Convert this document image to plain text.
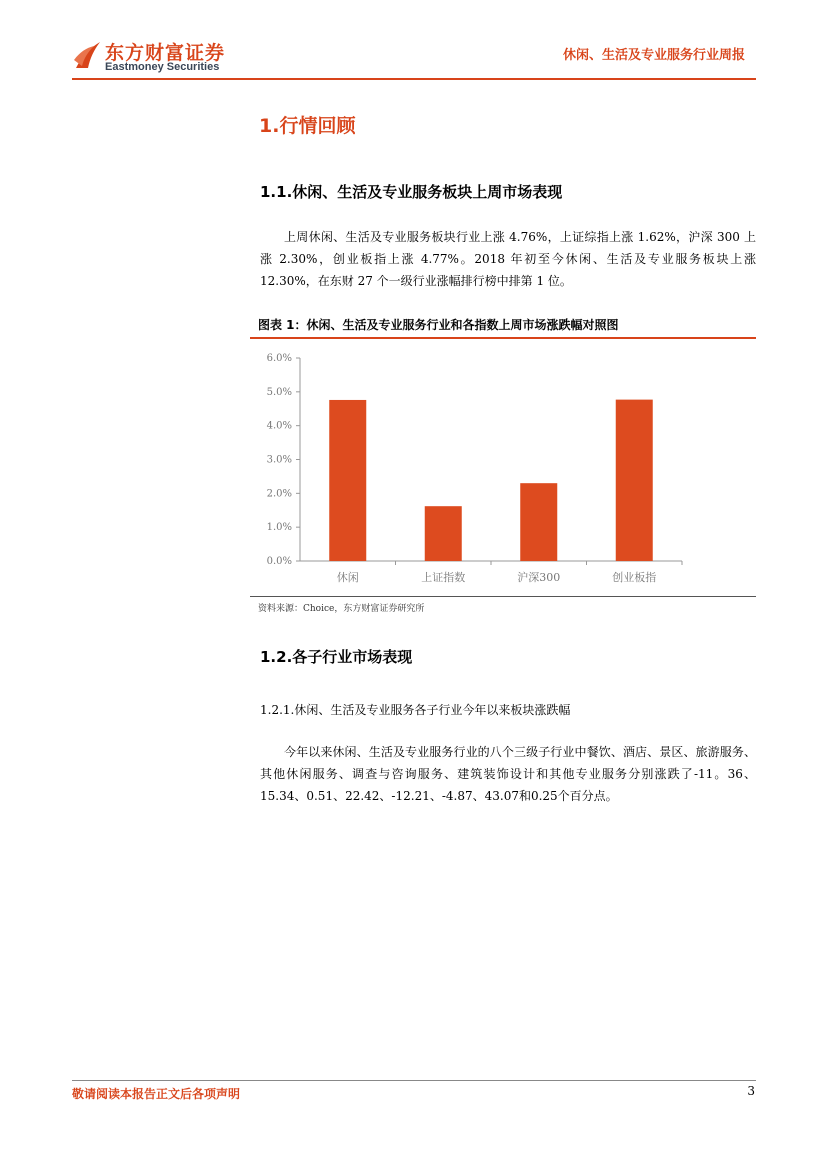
东方财富证券
Eastmoney Securities
休闲、生活及专业服务行业周报
1.行情回顾
1.1.休闲、生活及专业服务板块上周市场表现

上周休闲、生活及专业服务板块行业上涨 4.76%，上证综指上涨 1.62%，沪深 300 上涨 2.30%，创业板指上涨 4.77%。2018 年初至今休闲、生活及专业服务板块上涨 12.30%，在东财 27 个一级行业涨幅排行榜中排第 1 位。

图表 1：休闲、生活及专业服务行业和各指数上周市场涨跌幅对照图
0.0%
1.0%
2.0%
3.0%
4.0%
5.0%
6.0%
休闲	上证指数	沪深300	创业板指
资料来源：Choice，东方财富证券研究所
1.2.各子行业市场表现
1.2.1.休闲、生活及专业服务各子行业今年以来板块涨跌幅

今年以来休闲、生活及专业服务行业的八个三级子行业中餐饮、酒店、景区、旅游服务、其他休闲服务、调查与咨询服务、建筑装饰设计和其他专业服务分别涨跌了-11。36、15.34、0.51、22.42、-12.21、-4.87、43.07和0.25个百分点。

敬请阅读本报告正文后各项声明	3
